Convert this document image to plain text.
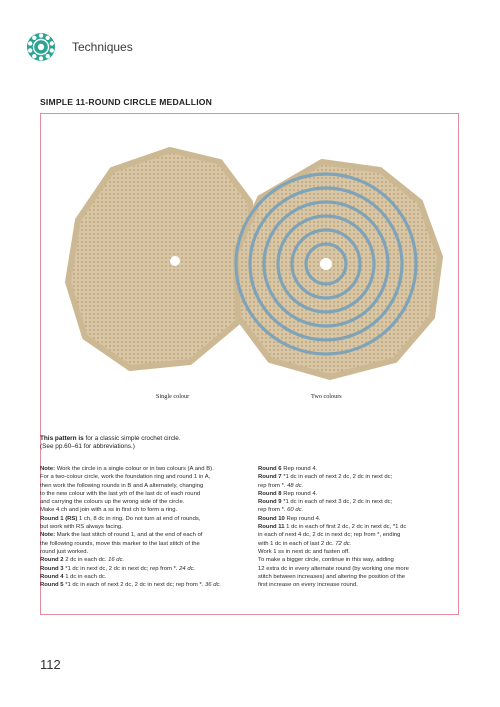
Techniques
SIMPLE 11-ROUND CIRCLE MEDALLION
Single colour	Two colours
This pattern is for a classic simple crochet circle.
(See pp.60–61 for abbreviations.)
Note: Work the circle in a single colour or in two colours (A and B).
For a two-colour circle, work the foundation ring and round 1 in A,
then work the following rounds in B and A alternately, changing
to the new colour with the last yrh of the last dc of each round
and carrying the colours up the wrong side of the circle.
Make 4 ch and join with a ss in first ch to form a ring.
Round 1 (RS) 1 ch, 8 dc in ring. Do not turn at end of rounds,
but work with RS always facing.
Note: Mark the last stitch of round 1, and at the end of each of
the following rounds, move this marker to the last stitch of the
round just worked.
Round 2 2 dc in each dc. 16 dc.
Round 3 *1 dc in next dc, 2 dc in next dc; rep from *. 24 dc.
Round 4 1 dc in each dc.
Round 5 *1 dc in each of next 2 dc, 2 dc in next dc; rep from *. 36 dc.
Round 6 Rep round 4.
Round 7 *1 dc in each of next 2 dc, 2 dc in next dc;
rep from *. 48 dc.
Round 8 Rep round 4.
Round 9 *1 dc in each of next 3 dc, 2 dc in next dc;
rep from *. 60 dc.
Round 10 Rep round 4.
Round 11 1 dc in each of first 2 dc, 2 dc in next dc, *1 dc
in each of next 4 dc, 2 dc in next dc; rep from *, ending
with 1 dc in each of last 2 dc. 72 dc.
Work 1 ss in next dc and fasten off.
To make a bigger circle, continue in this way, adding
12 extra dc in every alternate round (by working one more
stitch between increases) and altering the position of the
first increase on every increase round.
112
